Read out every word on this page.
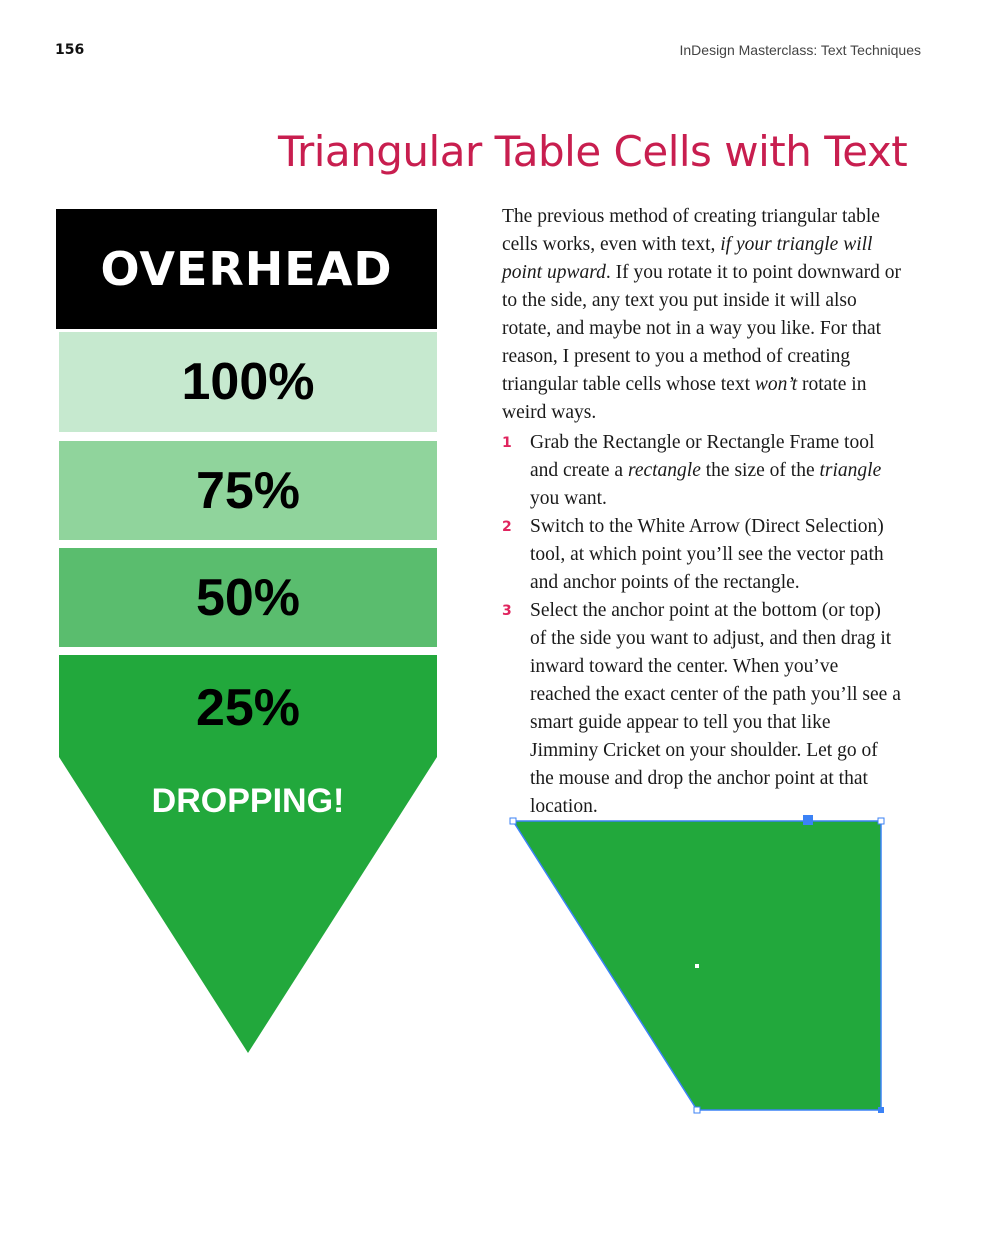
156	InDesign Masterclass: Text Techniques
Triangular Table Cells with Text
OVERHEAD
100%
75%
50%
25%
DROPPING!

The previous method of creating triangular table cells works, even with text, if your triangle will point upward. If you rotate it to point downward or to the side, any text you put inside it will also rotate, and maybe not in a way you like. For that reason, I present to you a method of creating triangular table cells whose text won’t rotate in weird ways.

1 Grab the Rectangle or Rectangle Frame tool and create a rectangle the size of the triangle you want.
2 Switch to the White Arrow (Direct Selection) tool, at which point you’ll see the vector path and anchor points of the rectangle.
3 Select the anchor point at the bottom (or top) of the side you want to adjust, and then drag it inward toward the center. When you’ve reached the exact center of the path you’ll see a smart guide appear to tell you that like Jimminy Cricket on your shoulder. Let go of the mouse and drop the anchor point at that location.
